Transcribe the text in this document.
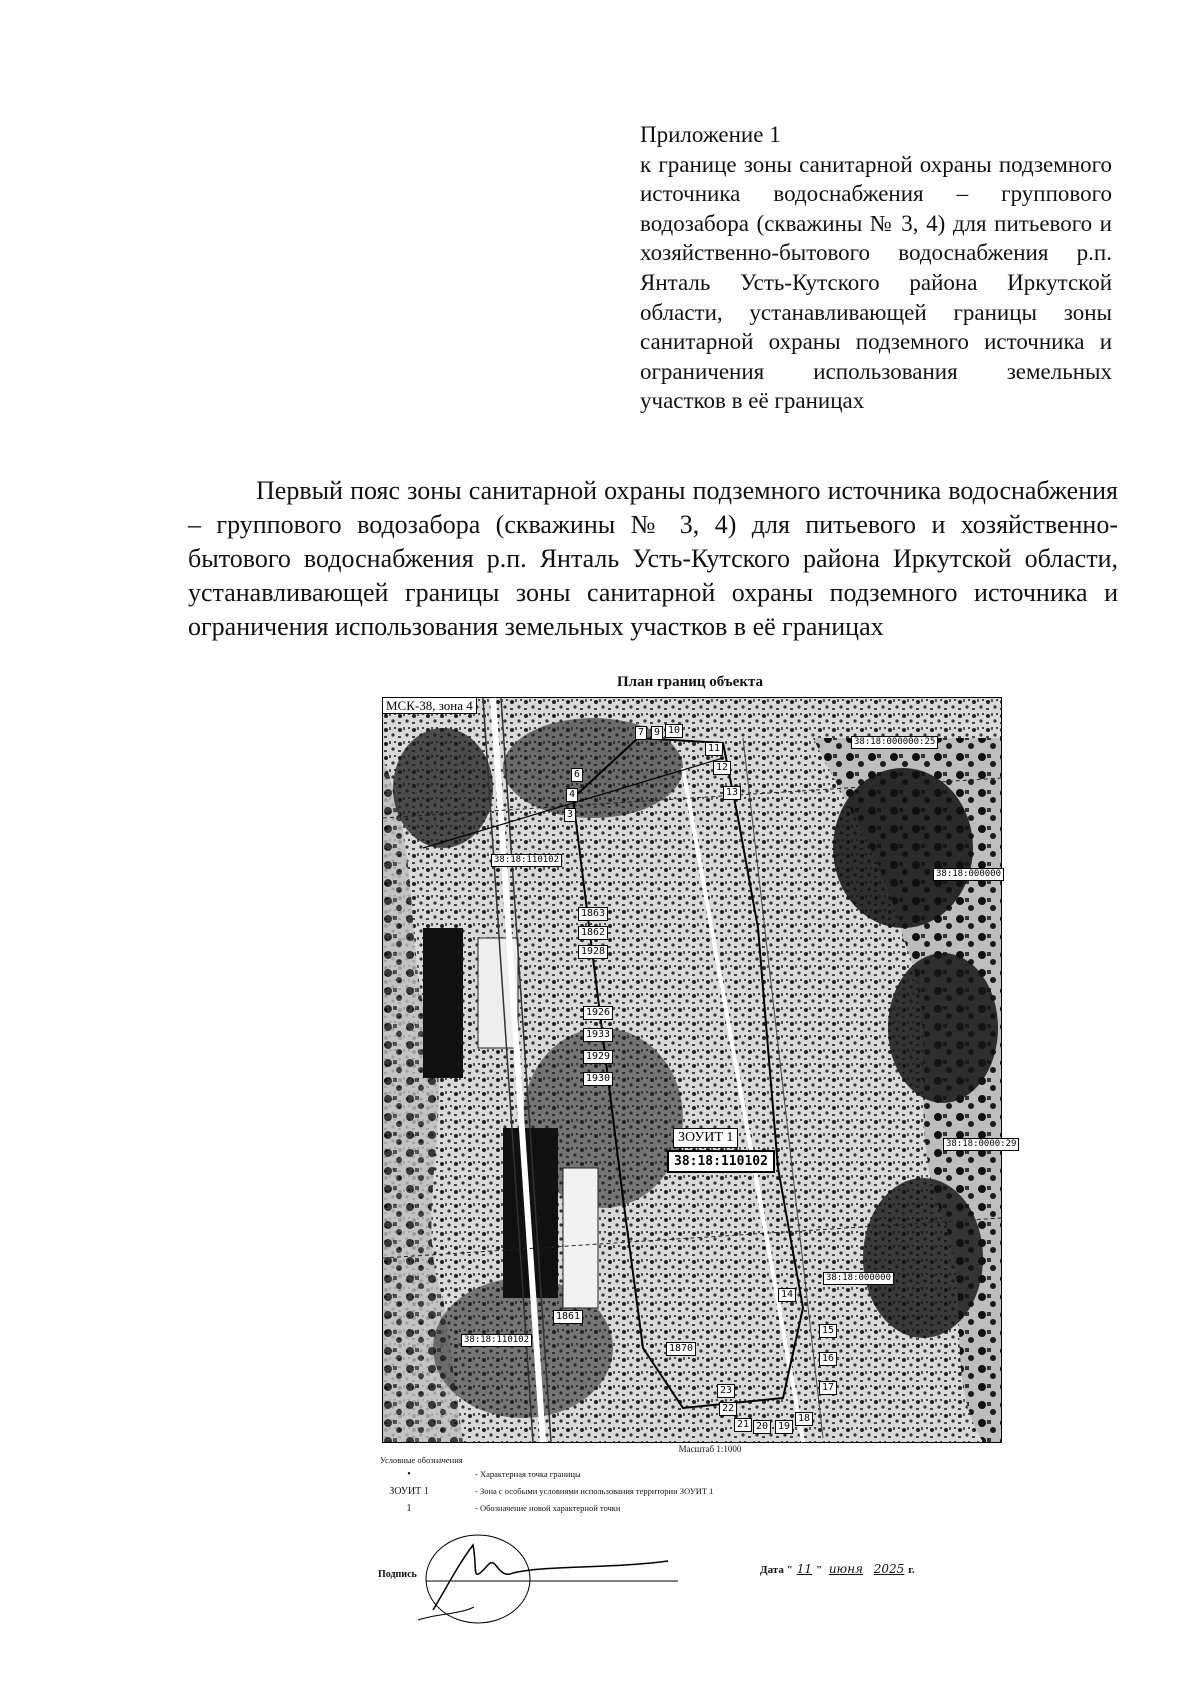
Приложение 1

к границе зоны санитарной охраны подземного источника водоснабжения – группового водозабора (скважины № 3, 4) для питьевого и хозяйственно-бытового водоснабжения р.п. Янталь Усть-Кутского района Иркутской области, устанавливающей границы зоны санитарной охраны подземного источника и ограничения использования земельных участков в её границах

Первый пояс зоны санитарной охраны подземного источника водоснабжения – группового водозабора (скважины № 3, 4) для питьевого и хозяйственно-бытового водоснабжения р.п. Янталь Усть-Кутского района Иркутской области, устанавливающей границы зоны санитарной охраны подземного источника и ограничения использования земельных участков в её границах

План границ объекта
МСК-38, зона 4
7 9 10
11
12
6
13
4
3
14
15
16
17
18
19
20
21
22
23
1863
1862
1928
1926
1933
1929
1930
1861
1870
38:18:000000:25
38:18:000000
38:18:110102
38:18:0000:29
38:18:000000
38:18:110102
ЗОУИТ 1
38:18:110102
Масштаб 1:1000
Условные обозначения
•	- Характерная точка границы
ЗОУИТ 1	- Зона с особыми условиями использования территории ЗОУИТ 1
1	- Обозначение новой характерной точки
Подпись	Дата " 11 " июня 2025 г.
